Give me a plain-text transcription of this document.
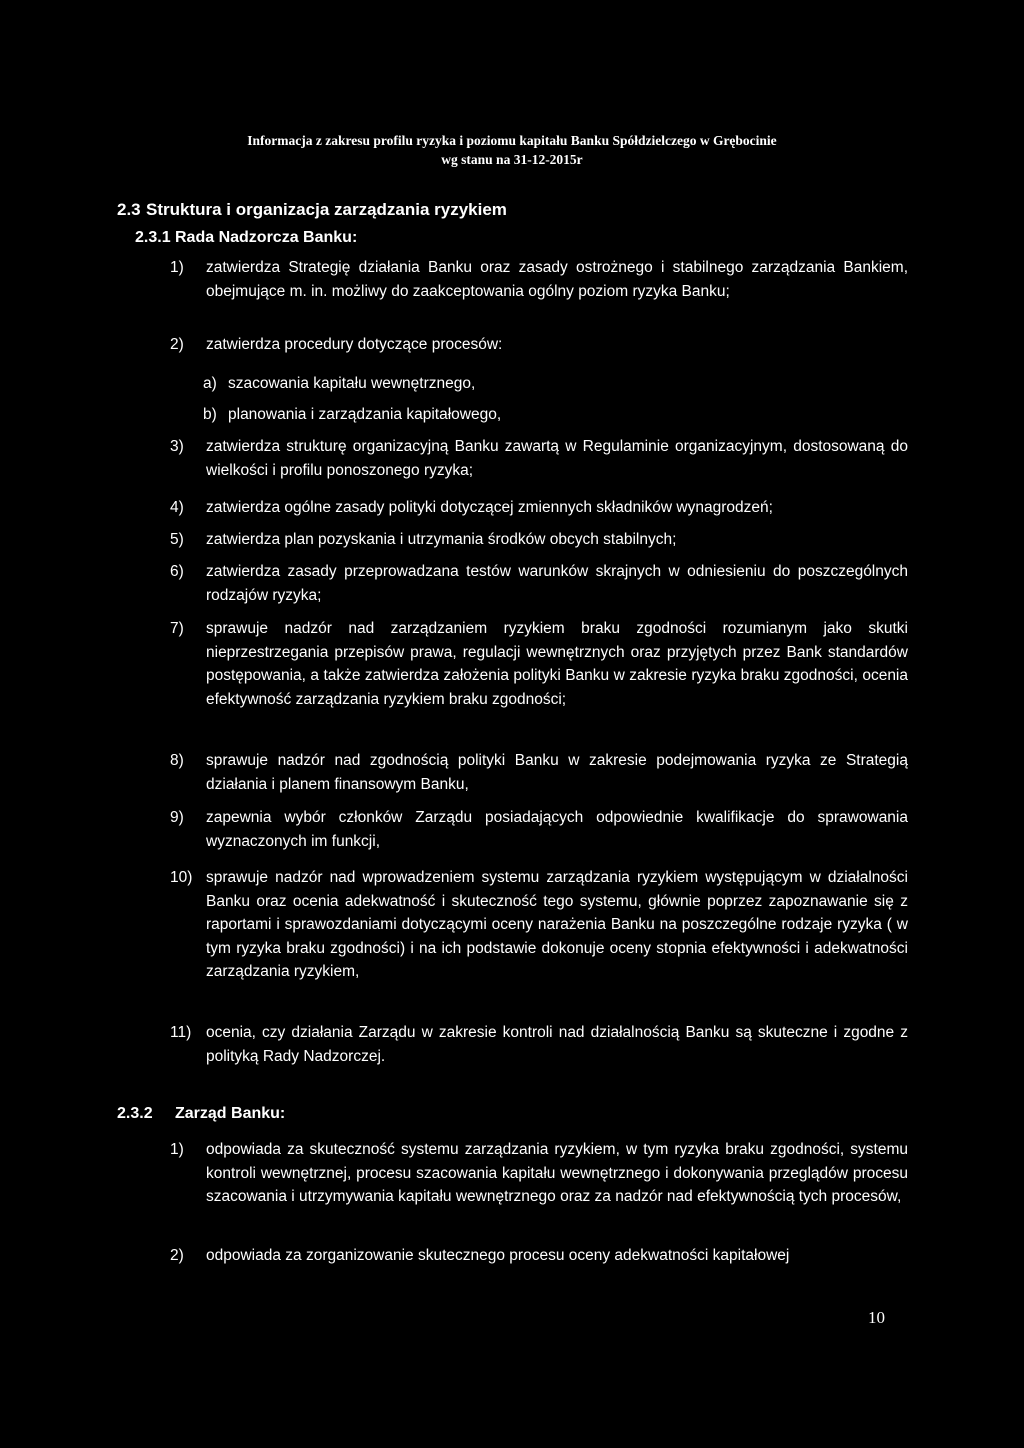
Informacja z zakresu profilu ryzyka i poziomu kapitału Banku Spółdzielczego w Grębocinie
wg stanu na 31-12-2015r
2.3 Struktura i organizacja zarządzania ryzykiem
2.3.1 Rada Nadzorcza Banku:
1) zatwierdza Strategię działania Banku oraz zasady ostrożnego i stabilnego zarządzania Bankiem, obejmujące m. in. możliwy do zaakceptowania ogólny poziom ryzyka Banku;
2) zatwierdza procedury dotyczące procesów:
a) szacowania kapitału wewnętrznego,
b) planowania i zarządzania kapitałowego,
3) zatwierdza strukturę organizacyjną Banku zawartą w Regulaminie organizacyjnym, dostosowaną do wielkości i profilu ponoszonego ryzyka;
4) zatwierdza ogólne zasady polityki dotyczącej zmiennych składników wynagrodzeń;
5) zatwierdza plan pozyskania i utrzymania środków obcych stabilnych;
6) zatwierdza zasady przeprowadzana testów warunków skrajnych w odniesieniu do poszczególnych rodzajów ryzyka;
7) sprawuje nadzór nad zarządzaniem ryzykiem braku zgodności rozumianym jako skutki nieprzestrzegania przepisów prawa, regulacji wewnętrznych oraz przyjętych przez Bank standardów postępowania, a także zatwierdza założenia polityki Banku w zakresie ryzyka braku zgodności, ocenia efektywność zarządzania ryzykiem braku zgodności;
8) sprawuje nadzór nad zgodnością polityki Banku w zakresie podejmowania ryzyka ze Strategią działania i planem finansowym Banku,
9) zapewnia wybór członków Zarządu posiadających odpowiednie kwalifikacje do sprawowania wyznaczonych im funkcji,
10) sprawuje nadzór nad wprowadzeniem systemu zarządzania ryzykiem występującym w działalności Banku oraz ocenia adekwatność i skuteczność tego systemu, głównie poprzez zapoznawanie się z raportami i sprawozdaniami dotyczącymi oceny narażenia Banku na poszczególne rodzaje ryzyka ( w tym ryzyka braku zgodności) i na ich podstawie dokonuje oceny stopnia efektywności i adekwatności zarządzania ryzykiem,
11) ocenia, czy działania Zarządu w zakresie kontroli nad działalnością Banku są skuteczne i zgodne z polityką Rady Nadzorczej.
2.3.2 Zarząd Banku:
1) odpowiada za skuteczność systemu zarządzania ryzykiem, w tym ryzyka braku zgodności, systemu kontroli wewnętrznej, procesu szacowania kapitału wewnętrznego i dokonywania przeglądów procesu szacowania i utrzymywania kapitału wewnętrznego oraz za nadzór nad efektywnością tych procesów,
2) odpowiada za zorganizowanie skutecznego procesu oceny adekwatności kapitałowej
10
